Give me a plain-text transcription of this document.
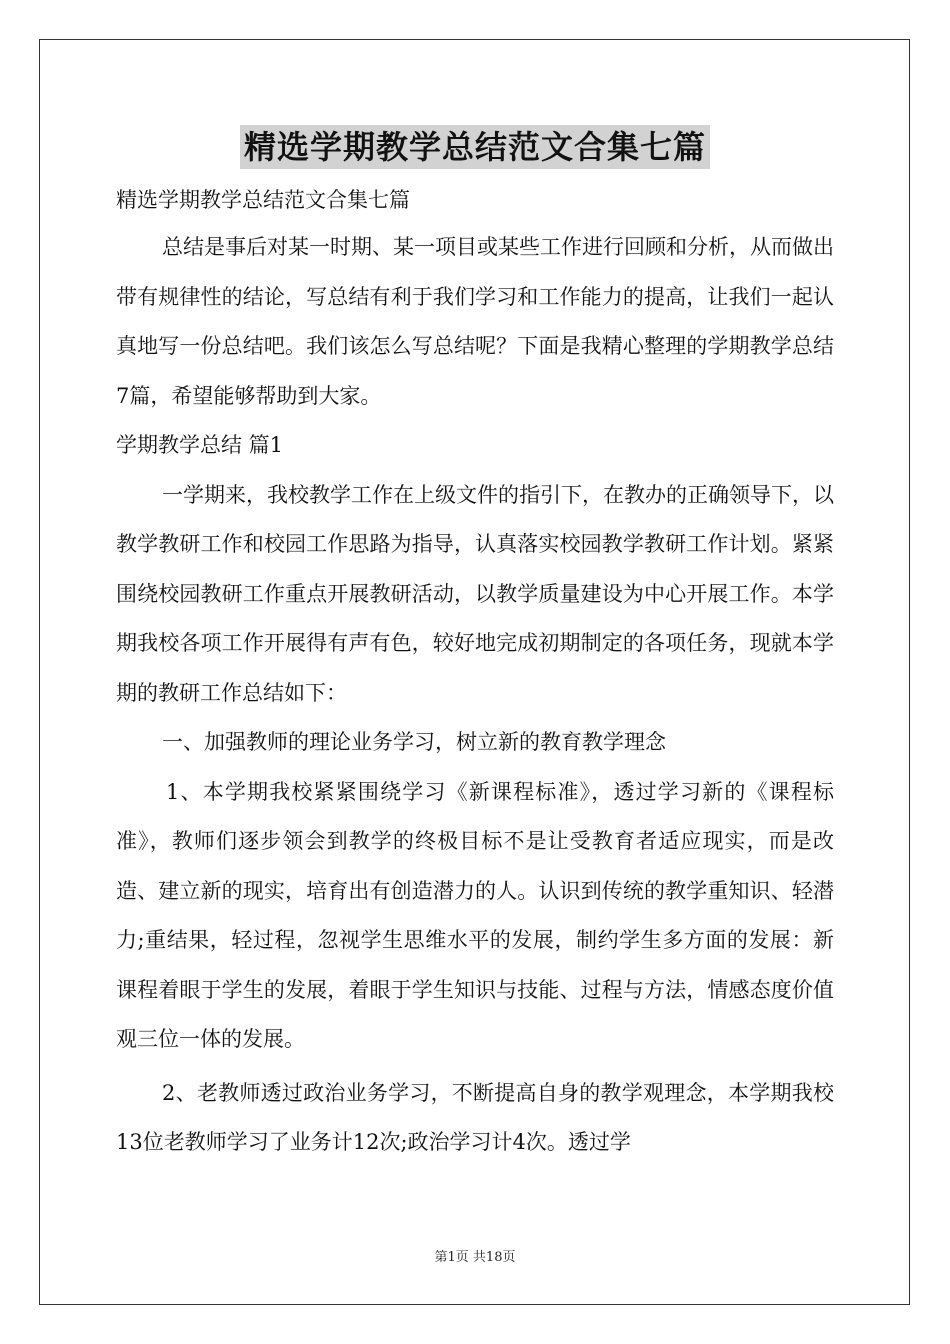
精选学期教学总结范文合集七篇

精选学期教学总结范文合集七篇

总结是事后对某一时期、某一项目或某些工作进行回顾和分析，从而做出带有规律性的结论，写总结有利于我们学习和工作能力的提高，让我们一起认真地写一份总结吧。我们该怎么写总结呢？下面是我精心整理的学期教学总结7篇，希望能够帮助到大家。

学期教学总结 篇1

一学期来，我校教学工作在上级文件的指引下，在教办的正确领导下，以教学教研工作和校园工作思路为指导，认真落实校园教学教研工作计划。紧紧围绕校园教研工作重点开展教研活动，以教学质量建设为中心开展工作。本学期我校各项工作开展得有声有色，较好地完成初期制定的各项任务，现就本学期的教研工作总结如下：

一、加强教师的理论业务学习，树立新的教育教学理念

1、本学期我校紧紧围绕学习《新课程标准》，透过学习新的《课程标准》，教师们逐步领会到教学的终极目标不是让受教育者适应现实，而是改造、建立新的现实，培育出有创造潜力的人。认识到传统的教学重知识、轻潜力;重结果，轻过程，忽视学生思维水平的发展，制约学生多方面的发展：新课程着眼于学生的发展，着眼于学生知识与技能、过程与方法，情感态度价值观三位一体的发展。

2、老教师透过政治业务学习，不断提高自身的教学观理念，本学期我校13位老教师学习了业务计12次;政治学习计4次。透过学

第1页 共18页
